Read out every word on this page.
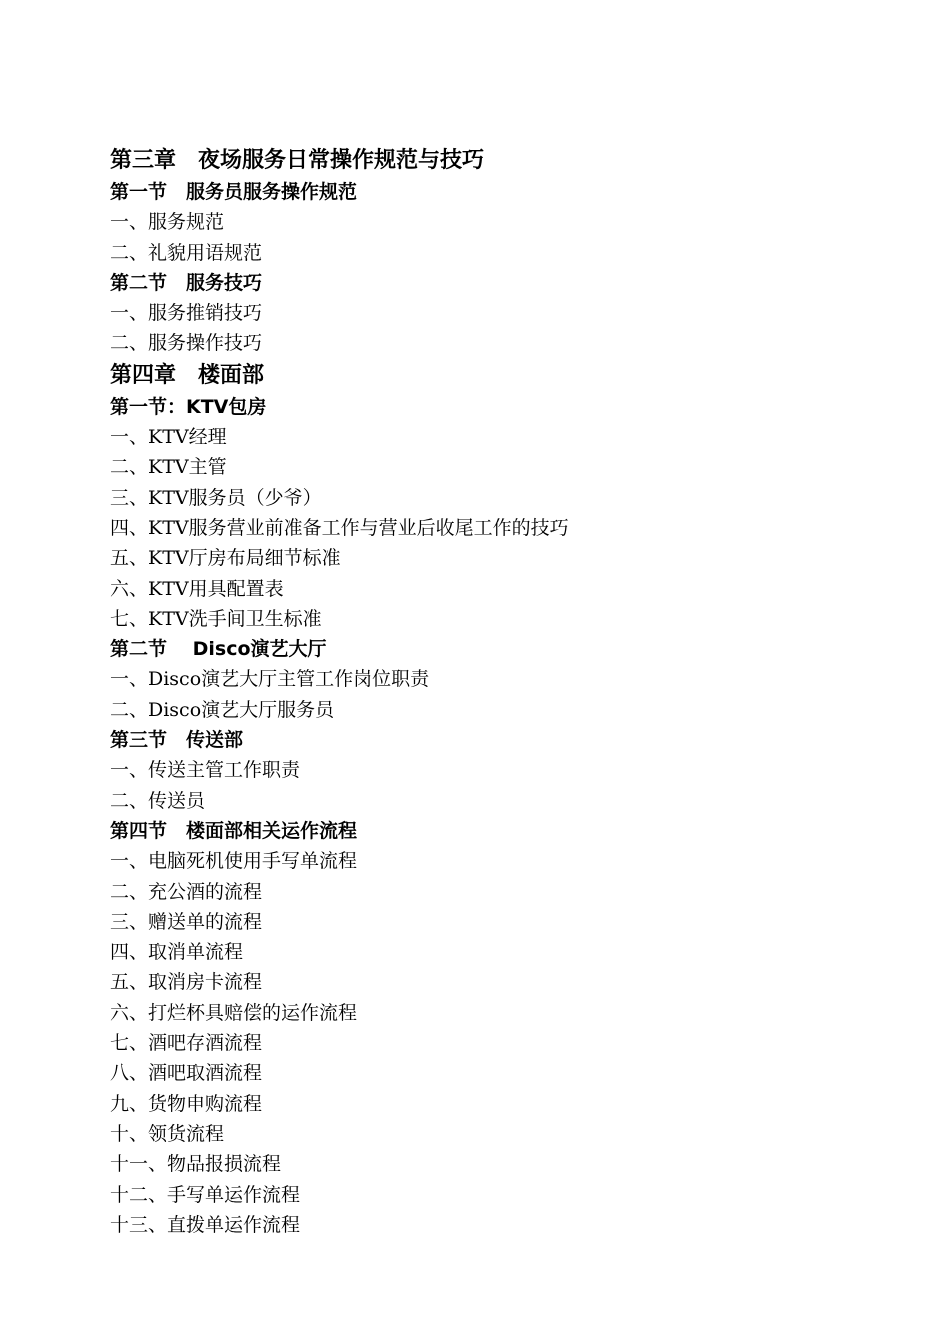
第三章　夜场服务日常操作规范与技巧

第一节　服务员服务操作规范

一、服务规范

二、礼貌用语规范

第二节　服务技巧

一、服务推销技巧

二、服务操作技巧

第四章　楼面部

第一节：KTV包房

一、KTV经理

二、KTV主管

三、KTV服务员（少爷）

四、KTV服务营业前准备工作与营业后收尾工作的技巧

五、KTV厅房布局细节标准

六、KTV用具配置表

七、KTV洗手间卫生标准

第二节　 Disco演艺大厅

一、Disco演艺大厅主管工作岗位职责

二、Disco演艺大厅服务员

第三节　传送部

一、传送主管工作职责

二、传送员

第四节　楼面部相关运作流程

一、电脑死机使用手写单流程

二、充公酒的流程

三、赠送单的流程

四、取消单流程

五、取消房卡流程

六、打烂杯具赔偿的运作流程

七、酒吧存酒流程

八、酒吧取酒流程

九、货物申购流程

十、领货流程

十一、物品报损流程

十二、手写单运作流程

十三、直拨单运作流程
